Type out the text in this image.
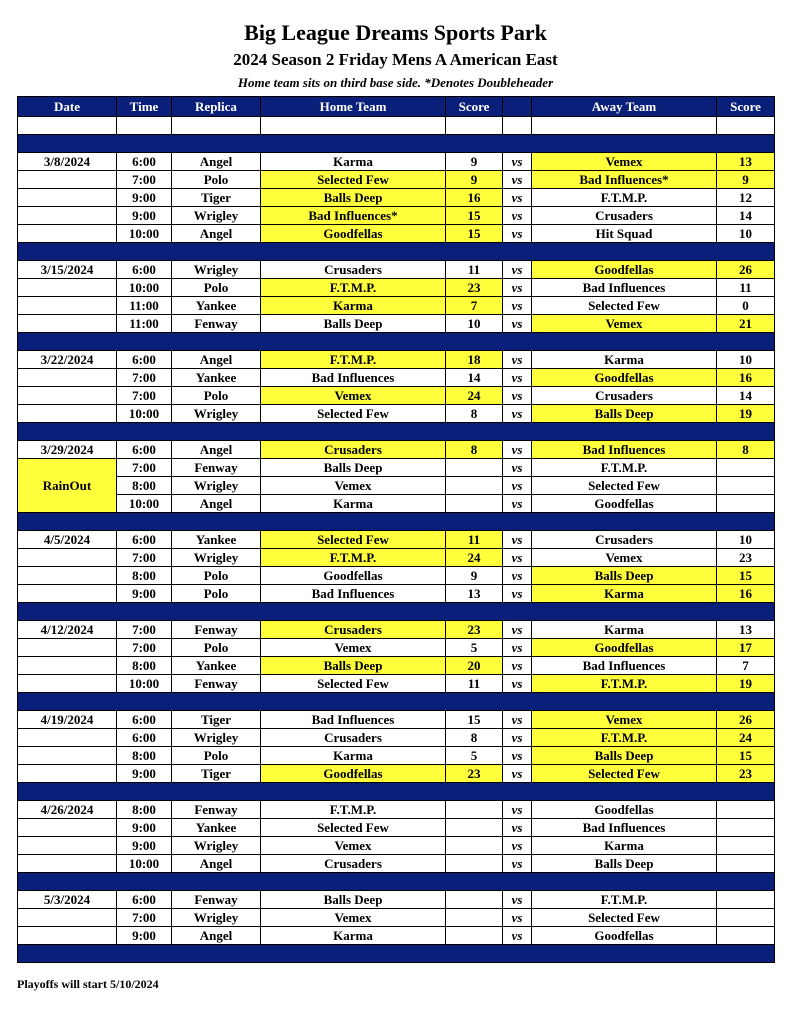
Big League Dreams Sports Park
2024 Season 2 Friday Mens A American East
Home team sits on third base side. *Denotes Doubleheader
Date	Time	Replica	Home Team	Score		Away Team	Score

3/8/2024	6:00	Angel	Karma	9	vs	Vemex	13
	7:00	Polo	Selected Few	9	vs	Bad Influences*	9
	9:00	Tiger	Balls Deep	16	vs	F.T.M.P.	12
	9:00	Wrigley	Bad Influences*	15	vs	Crusaders	14
	10:00	Angel	Goodfellas	15	vs	Hit Squad	10

3/15/2024	6:00	Wrigley	Crusaders	11	vs	Goodfellas	26
	10:00	Polo	F.T.M.P.	23	vs	Bad Influences	11
	11:00	Yankee	Karma	7	vs	Selected Few	0
	11:00	Fenway	Balls Deep	10	vs	Vemex	21

3/22/2024	6:00	Angel	F.T.M.P.	18	vs	Karma	10
	7:00	Yankee	Bad Influences	14	vs	Goodfellas	16
	7:00	Polo	Vemex	24	vs	Crusaders	14
	10:00	Wrigley	Selected Few	8	vs	Balls Deep	19

3/29/2024	6:00	Angel	Crusaders	8	vs	Bad Influences	8
RainOut	7:00	Fenway	Balls Deep		vs	F.T.M.P.	
	8:00	Wrigley	Vemex		vs	Selected Few	
	10:00	Angel	Karma		vs	Goodfellas	

4/5/2024	6:00	Yankee	Selected Few	11	vs	Crusaders	10
	7:00	Wrigley	F.T.M.P.	24	vs	Vemex	23
	8:00	Polo	Goodfellas	9	vs	Balls Deep	15
	9:00	Polo	Bad Influences	13	vs	Karma	16

4/12/2024	7:00	Fenway	Crusaders	23	vs	Karma	13
	7:00	Polo	Vemex	5	vs	Goodfellas	17
	8:00	Yankee	Balls Deep	20	vs	Bad Influences	7
	10:00	Fenway	Selected Few	11	vs	F.T.M.P.	19

4/19/2024	6:00	Tiger	Bad Influences	15	vs	Vemex	26
	6:00	Wrigley	Crusaders	8	vs	F.T.M.P.	24
	8:00	Polo	Karma	5	vs	Balls Deep	15
	9:00	Tiger	Goodfellas	23	vs	Selected Few	23

4/26/2024	8:00	Fenway	F.T.M.P.		vs	Goodfellas	
	9:00	Yankee	Selected Few		vs	Bad Influences	
	9:00	Wrigley	Vemex		vs	Karma	
	10:00	Angel	Crusaders		vs	Balls Deep	

5/3/2024	6:00	Fenway	Balls Deep		vs	F.T.M.P.	
	7:00	Wrigley	Vemex		vs	Selected Few	
	9:00	Angel	Karma		vs	Goodfellas	

Playoffs will start 5/10/2024
